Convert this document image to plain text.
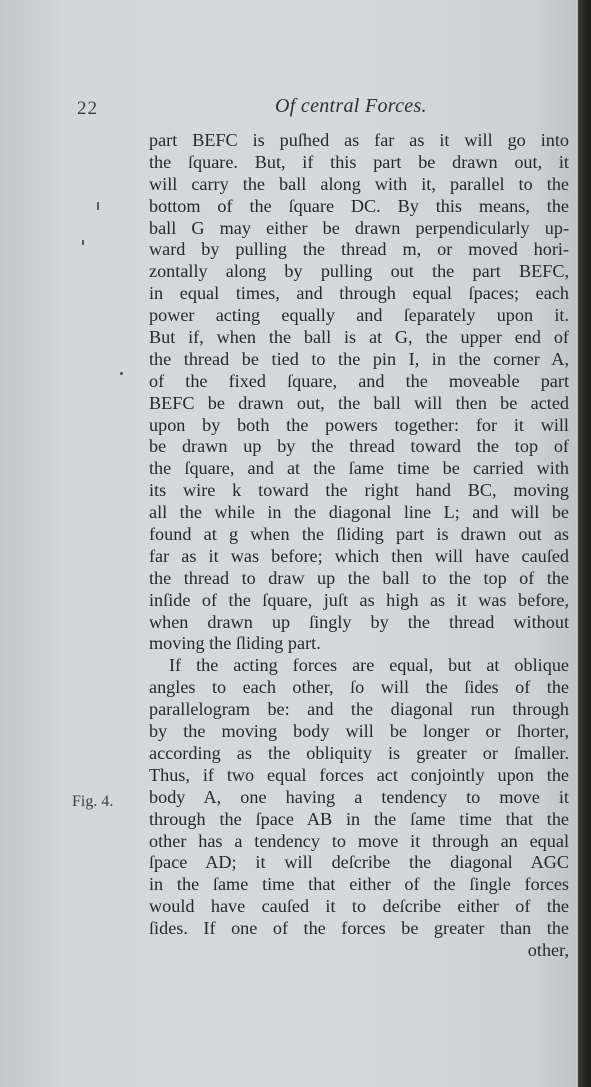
22	Of central Forces.
Fig. 4.
part BEFC is puſhed as far as it will go into
the ſquare. But, if this part be drawn out, it
will carry the ball along with it, parallel to the
bottom of the ſquare DC. By this means, the
ball G may either be drawn perpendicularly up-
ward by pulling the thread m, or moved hori-
zontally along by pulling out the part BEFC,
in equal times, and through equal ſpaces; each
power acting equally and ſeparately upon it.
But if, when the ball is at G, the upper end of
the thread be tied to the pin I, in the corner A,
of the fixed ſquare, and the moveable part
BEFC be drawn out, the ball will then be acted
upon by both the powers together: for it will
be drawn up by the thread toward the top of
the ſquare, and at the ſame time be carried with
its wire k toward the right hand BC, moving
all the while in the diagonal line L; and will be
found at g when the ſliding part is drawn out as
far as it was before; which then will have cauſed
the thread to draw up the ball to the top of the
inſide of the ſquare, juſt as high as it was before,
when drawn up ſingly by the thread without
moving the ſliding part.
If the acting forces are equal, but at oblique
angles to each other, ſo will the ſides of the
parallelogram be: and the diagonal run through
by the moving body will be longer or ſhorter,
according as the obliquity is greater or ſmaller.
Thus, if two equal forces act conjointly upon the
body A, one having a tendency to move it
through the ſpace AB in the ſame time that the
other has a tendency to move it through an equal
ſpace AD; it will deſcribe the diagonal AGC
in the ſame time that either of the ſingle forces
would have cauſed it to deſcribe either of the
ſides. If one of the forces be greater than the
other,
